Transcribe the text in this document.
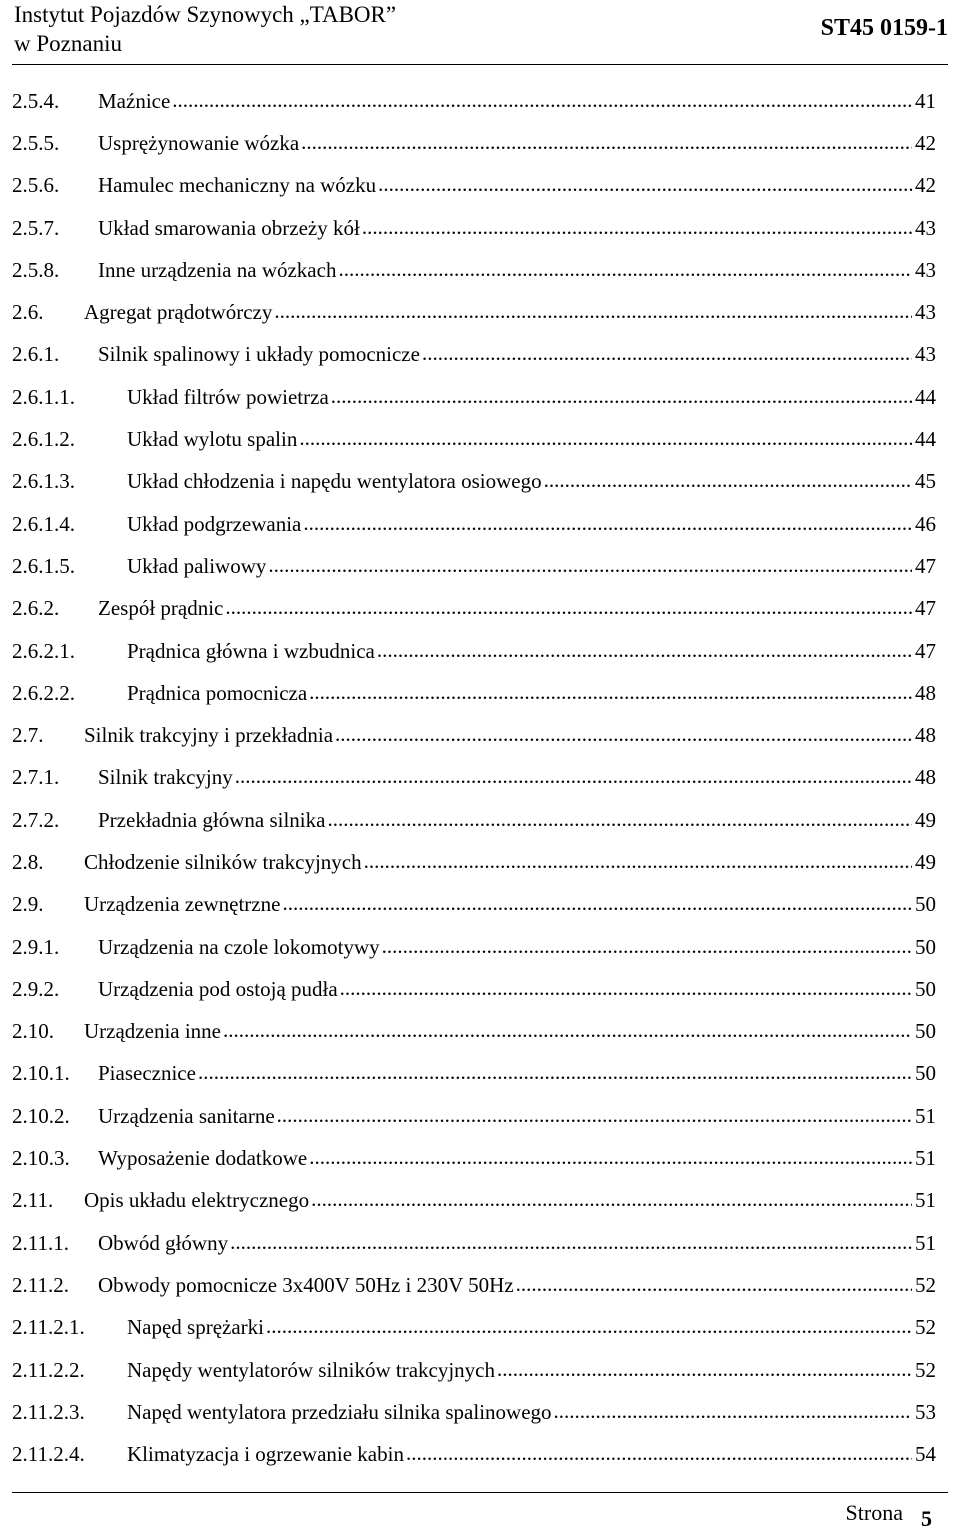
Instytut Pojazdów Szynowych „TABOR”
w Poznaniu
ST45 0159-1
2.5.4.	Maźnice .....	41
2.5.5.	Usprężynowanie wózka .....	42
2.5.6.	Hamulec mechaniczny na wózku .....	42
2.5.7.	Układ smarowania obrzeży kół .....	43
2.5.8.	Inne urządzenia na wózkach .....	43
2.6.	Agregat prądotwórczy .....	43
2.6.1.	Silnik spalinowy i układy pomocnicze .....	43
2.6.1.1.	Układ filtrów powietrza .....	44
2.6.1.2.	Układ wylotu spalin .....	44
2.6.1.3.	Układ chłodzenia i napędu wentylatora osiowego .....	45
2.6.1.4.	Układ podgrzewania .....	46
2.6.1.5.	Układ paliwowy .....	47
2.6.2.	Zespół prądnic .....	47
2.6.2.1.	Prądnica główna i wzbudnica .....	47
2.6.2.2.	Prądnica pomocnicza .....	48
2.7.	Silnik trakcyjny i przekładnia .....	48
2.7.1.	Silnik trakcyjny .....	48
2.7.2.	Przekładnia główna silnika .....	49
2.8.	Chłodzenie silników trakcyjnych .....	49
2.9.	Urządzenia zewnętrzne .....	50
2.9.1.	Urządzenia na czole lokomotywy .....	50
2.9.2.	Urządzenia pod ostoją pudła .....	50
2.10.	Urządzenia inne .....	50
2.10.1.	Piasecznice .....	50
2.10.2.	Urządzenia sanitarne .....	51
2.10.3.	Wyposażenie dodatkowe .....	51
2.11.	Opis układu elektrycznego .....	51
2.11.1.	Obwód główny .....	51
2.11.2.	Obwody pomocnicze 3x400V 50Hz i 230V 50Hz .....	52
2.11.2.1.	Napęd sprężarki .....	52
2.11.2.2.	Napędy wentylatorów silników trakcyjnych .....	52
2.11.2.3.	Napęd wentylatora przedziału silnika spalinowego .....	53
2.11.2.4.	Klimatyzacja i ogrzewanie kabin .....	54
Strona 5
